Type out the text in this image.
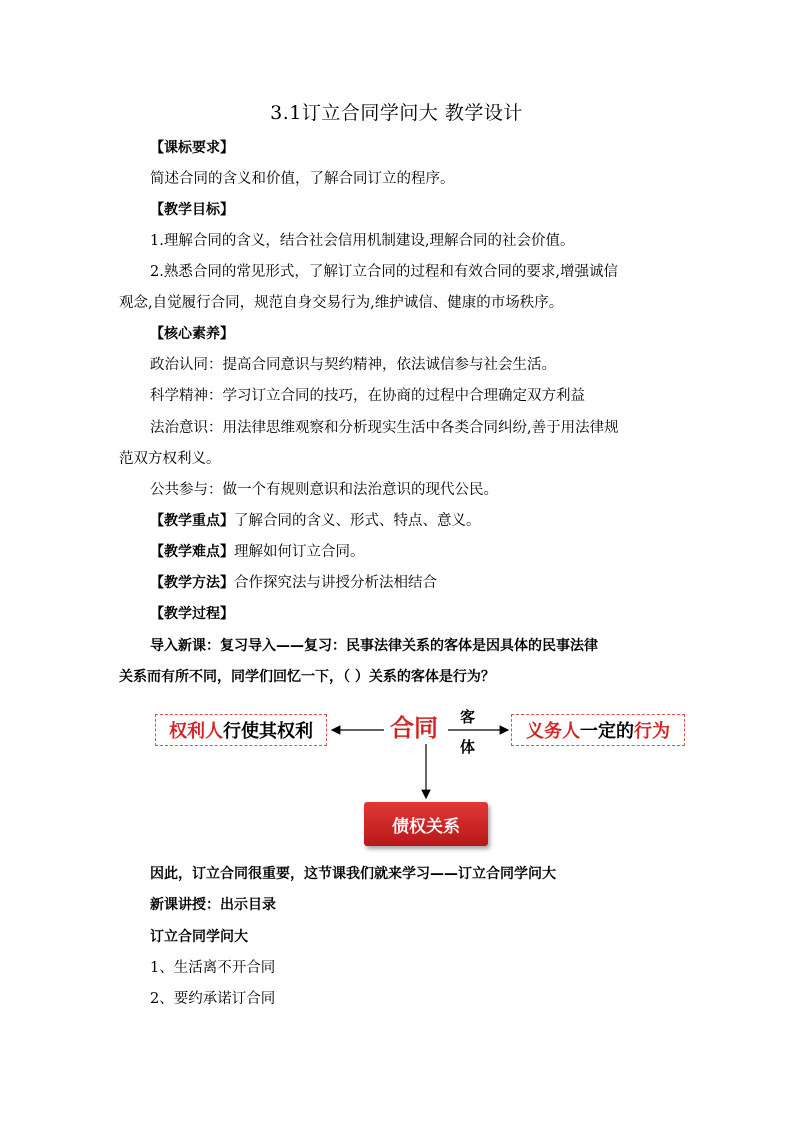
3.1订立合同学问大 教学设计
【课标要求】
简述合同的含义和价值，了解合同订立的程序。
【教学目标】
1.理解合同的含义，结合社会信用机制建设,理解合同的社会价值。
2.熟悉合同的常见形式，了解订立合同的过程和有效合同的要求,增强诚信
观念,自觉履行合同，规范自身交易行为,维护诚信、健康的市场秩序。
【核心素养】
政治认同：提高合同意识与契约精神，依法诚信参与社会生活。
科学精神：学习订立合同的技巧，在协商的过程中合理确定双方利益
法治意识：用法律思维观察和分析现实生活中各类合同纠纷,善于用法律规
范双方权利义。
公共参与：做一个有规则意识和法治意识的现代公民。
【教学重点】了解合同的含义、形式、特点、意义。
【教学难点】理解如何订立合同。
【教学方法】合作探究法与讲授分析法相结合
【教学过程】
导入新课：复习导入——复习：民事法律关系的客体是因具体的民事法律
关系而有所不同，同学们回忆一下，（ ）关系的客体是行为？
权利人 行使其权利	合同 客
体
义务人 一定的 行为
债权关系
因此，订立合同很重要，这节课我们就来学习——订立合同学问大
新课讲授：出示目录
订立合同学问大
1、生活离不开合同
2、要约承诺订合同
